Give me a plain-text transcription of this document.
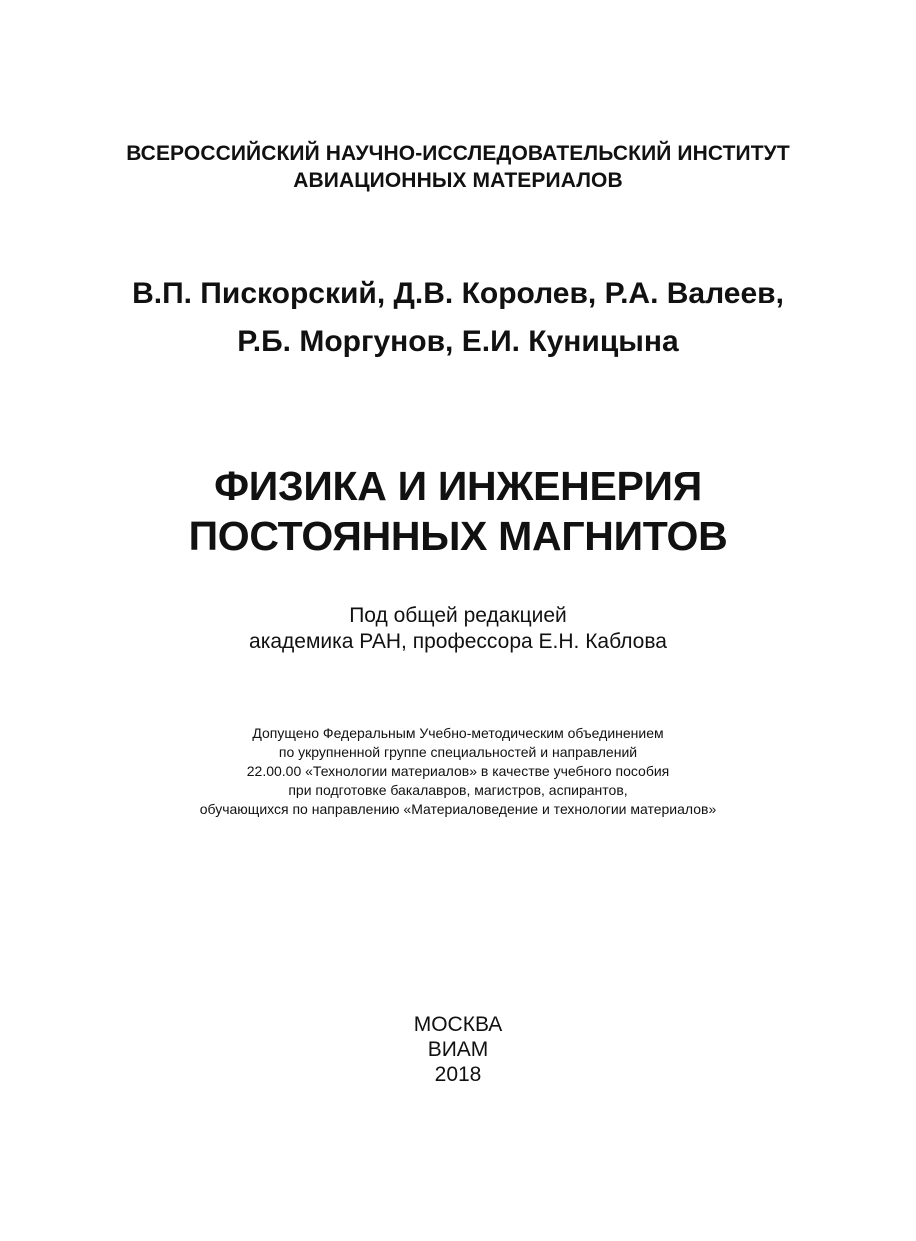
ВСЕРОССИЙСКИЙ НАУЧНО-ИССЛЕДОВАТЕЛЬСКИЙ ИНСТИТУТ
АВИАЦИОННЫХ МАТЕРИАЛОВ
В.П. Пискорский, Д.В. Королев, Р.А. Валеев,
Р.Б. Моргунов, Е.И. Куницына
ФИЗИКА И ИНЖЕНЕРИЯ
ПОСТОЯННЫХ МАГНИТОВ
Под общей редакцией
академика РАН, профессора Е.Н. Каблова
Допущено Федеральным Учебно-методическим объединением
по укрупненной группе специальностей и направлений
22.00.00 «Технологии материалов» в качестве учебного пособия
при подготовке бакалавров, магистров, аспирантов,
обучающихся по направлению «Материаловедение и технологии материалов»
МОСКВА
ВИАМ
2018
